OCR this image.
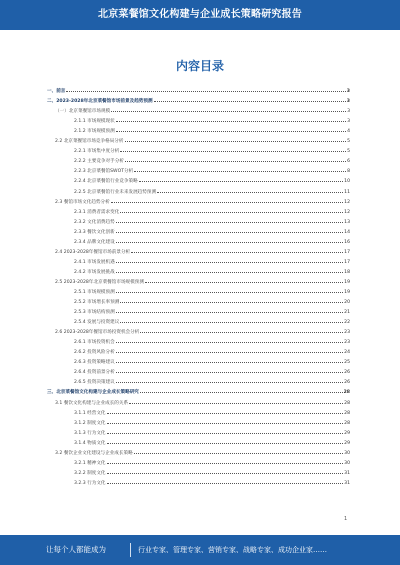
北京菜餐馆文化构建与企业成长策略研究报告
内容目录
一、前言	3
二、2023-2028年北京菜餐馆市场前景及趋势预测	3
（一）北京菜餐馆市场规模	3
2.1.1 市场规模现状	3
2.1.2 市场规模预测	4
2.2 北京菜餐馆市场竞争格局分析	5
2.2.1 市场集中度分析	5
2.2.2 主要竞争对手分析	6
2.2.3 北京菜餐馆SWOT分析	8
2.2.4 北京菜餐馆行业竞争策略	10
2.2.5 北京菜餐馆行业未来发展趋势预测	11
2.3 餐馆市场文化趋势分析	12
2.3.1 消费者需求变化	12
2.3.2 文化消费趋势	13
2.3.3 餐饮文化创新	14
2.3.4 品牌文化建设	16
2.4 2023-2028年餐馆市场前景分析	17
2.4.1 市场发展机遇	17
2.4.2 市场发展挑战	18
2.5 2023-2028年北京菜餐馆市场规模预测	19
2.5.1 市场规模预测	19
2.5.2 市场增长率预测	20
2.5.3 市场结构预测	21
2.5.4 发展与投资建议	22
2.6 2023-2028年餐馆市场投资机会分析	23
2.6.1 市场投资机会	23
2.6.2 投资风险分析	24
2.6.3 投资策略建议	25
2.6.4 投资前景分析	26
2.6.5 投资决策建议	26
三、北京菜餐馆文化构建与企业成长策略研究	28
3.1 餐饮文化构建与企业成长的关系	28
3.1.1 经营文化	28
3.1.2 制度文化	28
3.1.3 行为文化	29
3.1.4 物质文化	29
3.2 餐饮企业文化建设与企业成长策略	30
3.2.1 精神文化	30
3.2.2 制度文化	31
3.2.3 行为文化	31
1
让每个人都能成为	行业专家、管理专家、营销专家、战略专家、成功企业家……
